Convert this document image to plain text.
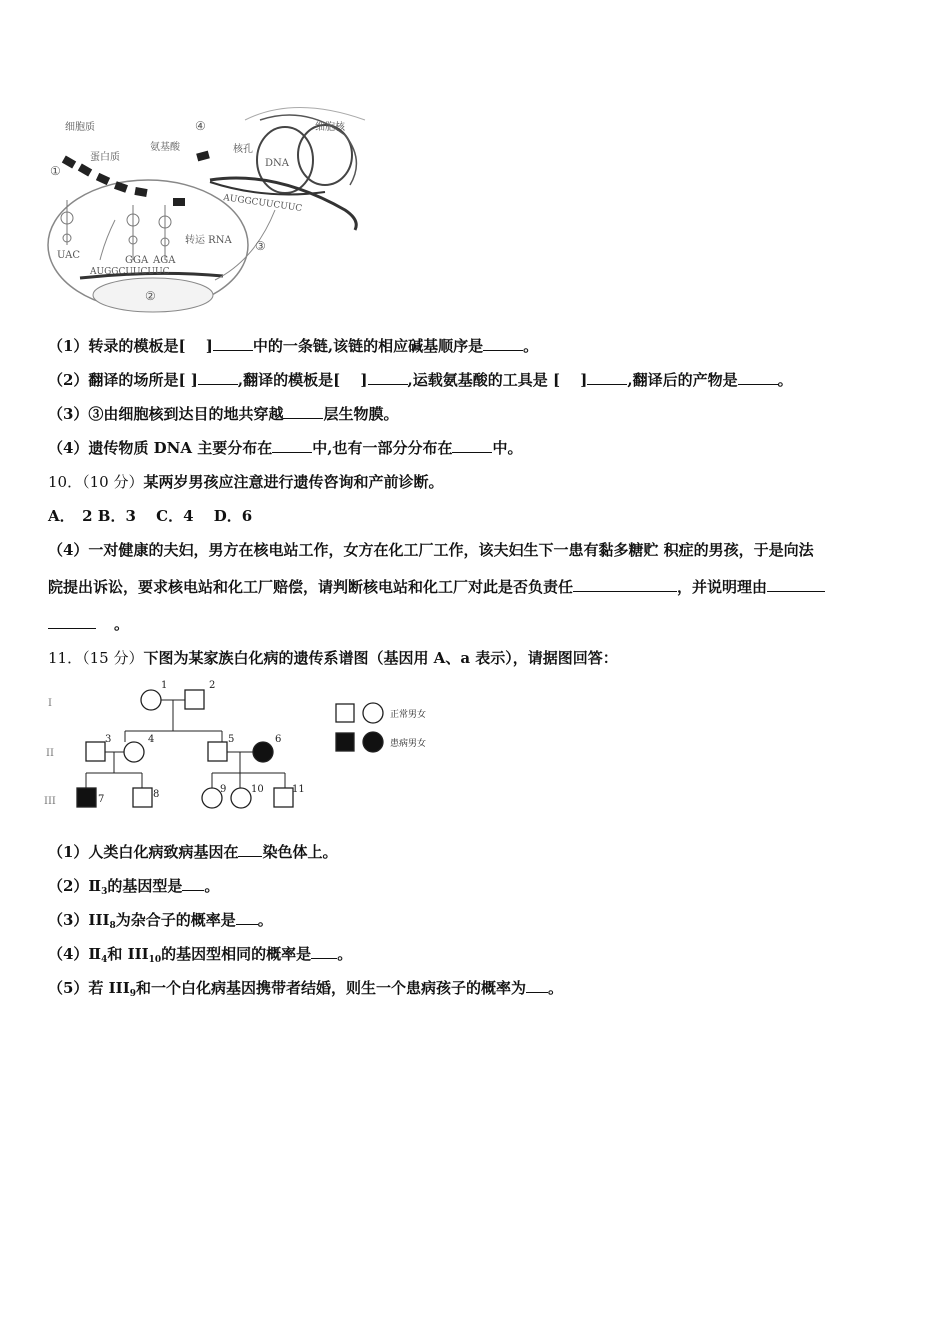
细胞质
蛋白质
氨基酸
细胞核
核孔
DNA
转运 RNA
UAC	GGA AGA
AUGGCUUCUUC
AUGGCUUCUUC
①
②
③
④
（1）转录的模板是[　 ]	中的一条链,该链的相应碱基顺序是	。
（2）翻译的场所是[ ]	,翻译的模板是[　 ]	,运载氨基酸的工具是 [　 ]	,翻译后的产物是	。
（3）③由细胞核到达目的地共穿越	层生物膜。
（4）遗传物质 DNA 主要分布在	中,也有一部分分布在	中。
10．（10 分）某两岁男孩应注意进行遗传咨询和产前诊断。
A．　2 B．3　 C．4　 D．6
（4）一对健康的夫妇，男方在核电站工作，女方在化工厂工作，该夫妇生下一患有黏多糖贮 积症的男孩，于是向法
院提出诉讼，要求核电站和化工厂赔偿，请判断核电站和化工厂对此是否负责任	，并说明理由
。
11．（15 分）下图为某家族白化病的遗传系谱图（基因用 A、a 表示），请据图回答：
I
II
III
1	2
3	4	5	6
7	8	9 10	11
正常男女
患病男女
（1）人类白化病致病基因在 染色体上。
$(2)Ⅱ_3$的基因型是 。
$(3)III_8$为杂合子的概率是 。
$(4)Ⅱ_4$和 $III_{10}$的基因型相同的概率是 。
（5）若 $III_9$和一个白化病基因携带者结婚，则生一个患病孩子的概率为 。
